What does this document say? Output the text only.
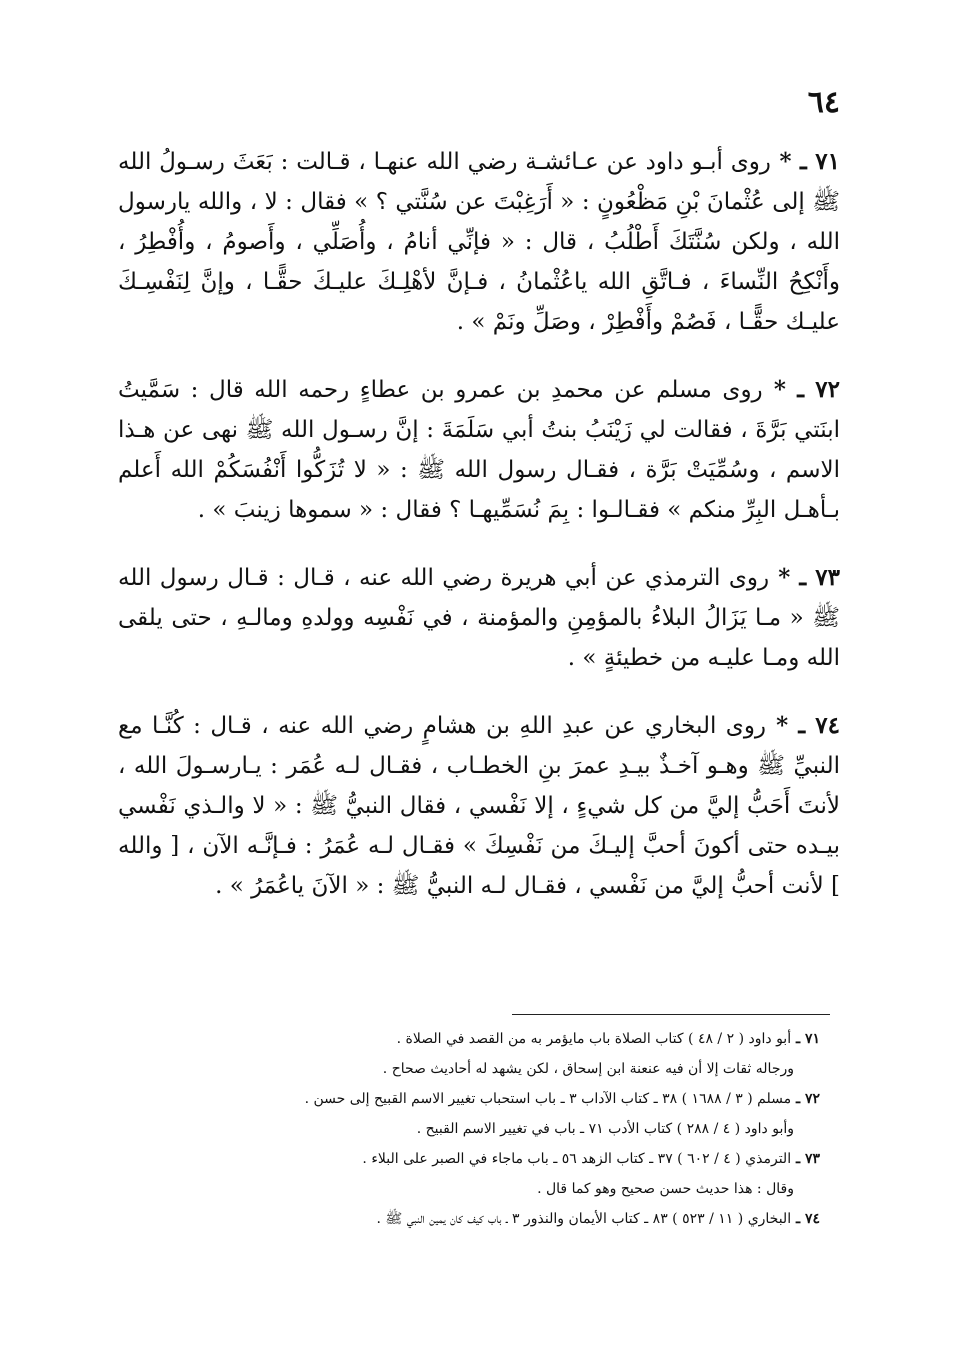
٦٤

٧١ ـ * روى أبـو داود عن عـائشـة رضي الله عنهـا ، قـالت : بَعَثَ رسـولُ الله ﷺ إلى عُثْمانَ بْنِ مَظْعُونٍ : « أَرَغِبْتَ عن سُنَّتي ؟ » فقال : لا ، والله يارسول الله ، ولكن سُنَّتَكَ أَطْلُبُ ، قال : « فإنِّي أنامُ ، وأُصَلِّي ، وأَصومُ ، وأُفْطِرُ ، وأَنْكِحُ النِّساءَ ، فـاتَّقِ الله ياعُثْمانُ ، فـإنَّ لأهْلِـكَ عليـكَ حقًّـا ، وإنَّ لِنَفْسِـكَ عليـك حقًّـا ، فَصُمْ وأَفْطِرْ ، وصَلِّ ونَمْ » .

٧٢ ـ * روى مسلم عن محمدِ بن عمرو بن عطاءٍ رحمه الله قال : سَمَّيتُ ابنَتي بَرَّةَ ، فقالت لي زَيْنَبُ بنتُ أبي سَلَمَةَ : إنَّ رسـول الله ﷺ نهى عن هـذا الاسم ، وسُمِّيَتْ بَرَّة ، فقـال رسول الله ﷺ : « لا تُزَكُّوا أَنْفُسَكُمْ الله أَعلم بـأهـل البِرِّ منكم » فقـالـوا : بِمَ نُسَمِّيهـا ؟ فقال : « سموها زينبَ » .

٧٣ ـ * روى الترمذي عن أبي هريرة رضي الله عنه ، قـال : قـال رسول الله ﷺ « مـا يَزَالُ البلاءُ بالمؤمِنِ والمؤمنة ، في نَفْسِه وولدهِ ومالـهِ ، حتى يلقى الله ومـا عليـه من خطيئةٍ » .

٧٤ ـ * روى البخاري عن عبدِ اللهِ بن هشامٍ رضي الله عنه ، قـال : كُنَّـا مع النبيِّ ﷺ وهـو آخـذٌ بيـدِ عمرَ بنِ الخطـاب ، فقـال لـه عُمَر : يـارسـولَ الله ، لأنتَ أَحَبُّ إليَّ من كل شيءٍ ، إلا نَفْسي ، فقال النبيُّ ﷺ : « لا والـذي نَفْسي بيـده حتى أكونَ أحبَّ إليـكَ من نَفْسِكَ » فقـال لـه عُمَرُ : فـإنَّـه الآن ، [ والله ] لأنت أحبُّ إليَّ من نَفْسي ، فقـال لـه النبيُّ ﷺ : « الآنَ ياعُمَرُ » .

٧١ ـ أبو داود ( ٢ / ٤٨ ) كتاب الصلاة باب مايؤمر به من القصد في الصلاة .
ورجاله ثقات إلا أن فيه عنعنة ابن إسحاق ، لكن يشهد له أحاديث صحاح .
٧٢ ـ مسلم ( ٣ / ١٦٨٨ ) ٣٨ ـ كتاب الآداب ٣ ـ باب استحباب تغيير الاسم القبيح إلى حسن .
وأبو داود ( ٤ / ٢٨٨ ) كتاب الأدب ٧١ ـ باب في تغيير الاسم القبيح .
٧٣ ـ الترمذي ( ٤ / ٦٠٢ ) ٣٧ ـ كتاب الزهد ٥٦ ـ باب ماجاء في الصبر على البلاء .
وقال : هذا حديث حسن صحيح وهو كما قال .
٧٤ ـ البخاري ( ١١ / ٥٢٣ ) ٨٣ ـ كتاب الأيمان والنذور ٣ ـ باب كيف كان يمين النبي ﷺ .
